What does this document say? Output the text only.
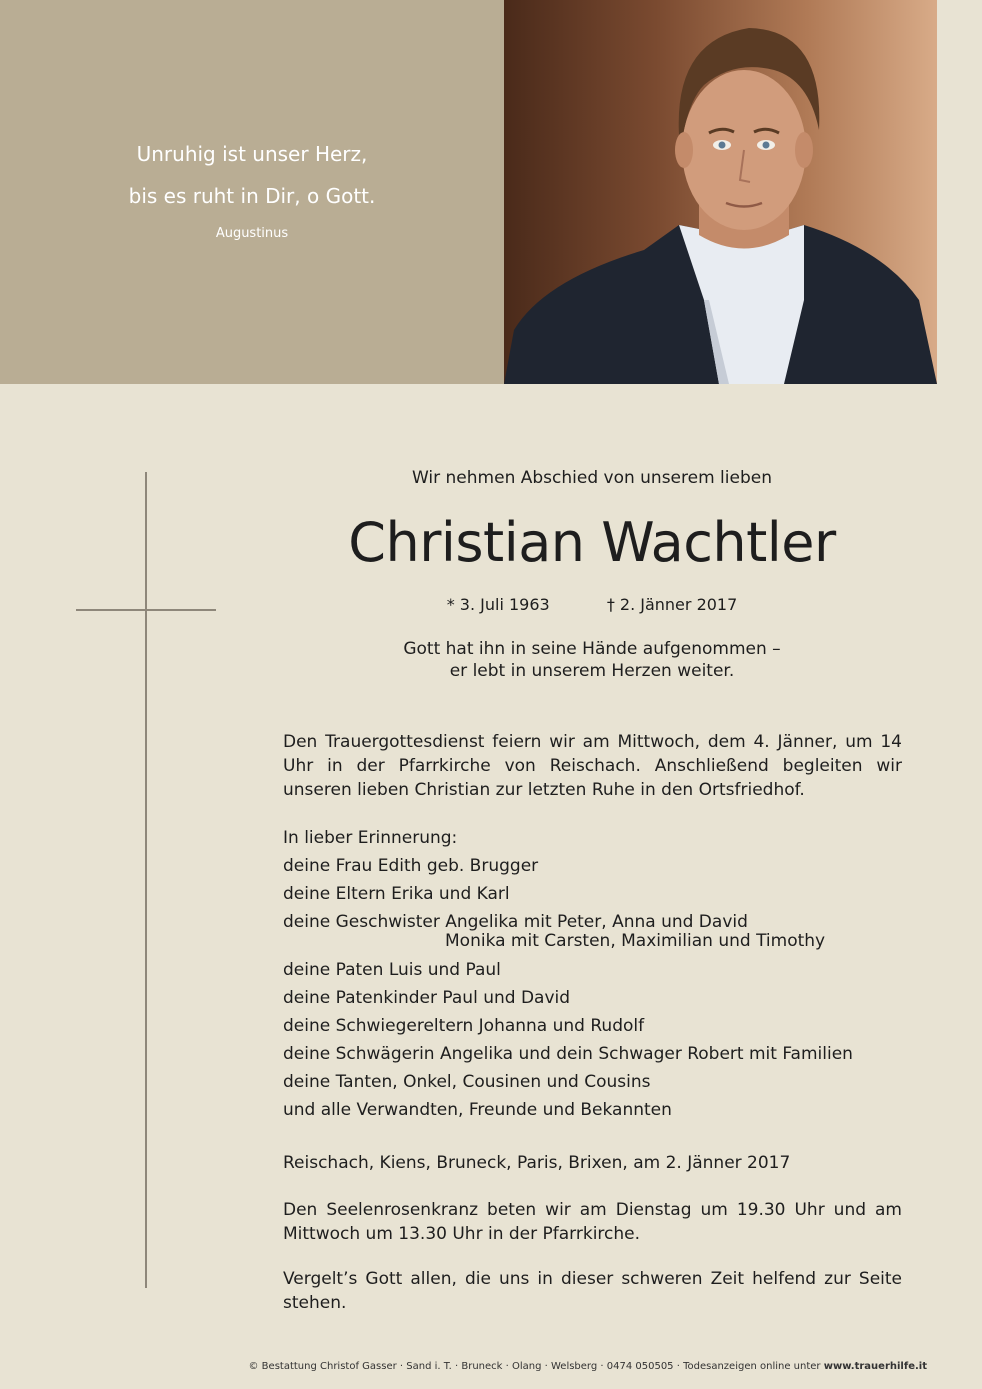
Unruhig ist unser Herz,
bis es ruht in Dir, o Gott.
Augustinus
Wir nehmen Abschied von unserem lieben
Christian Wachtler
* 3. Juli 1963	† 2. Jänner 2017
Gott hat ihn in seine Hände aufgenommen –
er lebt in unserem Herzen weiter.
Den Trauergottesdienst feiern wir am Mittwoch, dem 4. Jänner, um 14 Uhr in der Pfarrkirche von Reischach. Anschließend begleiten wir unseren lieben Christian zur letzten Ruhe in den Ortsfriedhof.
In lieber Erinnerung:
deine Frau Edith geb. Brugger
deine Eltern Erika und Karl
deine Geschwister Angelika mit Peter, Anna und David
Monika mit Carsten, Maximilian und Timothy
deine Paten Luis und Paul
deine Patenkinder Paul und David
deine Schwiegereltern Johanna und Rudolf
deine Schwägerin Angelika und dein Schwager Robert mit Familien
deine Tanten, Onkel, Cousinen und Cousins
und alle Verwandten, Freunde und Bekannten
Reischach, Kiens, Bruneck, Paris, Brixen, am 2. Jänner 2017
Den Seelenrosenkranz beten wir am Dienstag um 19.30 Uhr und am Mittwoch um 13.30 Uhr in der Pfarrkirche.
Vergelt’s Gott allen, die uns in dieser schweren Zeit helfend zur Seite stehen.
© Bestattung Christof Gasser · Sand i. T. · Bruneck · Olang · Welsberg · 0474 050505 · Todesanzeigen online unter www.trauerhilfe.it
